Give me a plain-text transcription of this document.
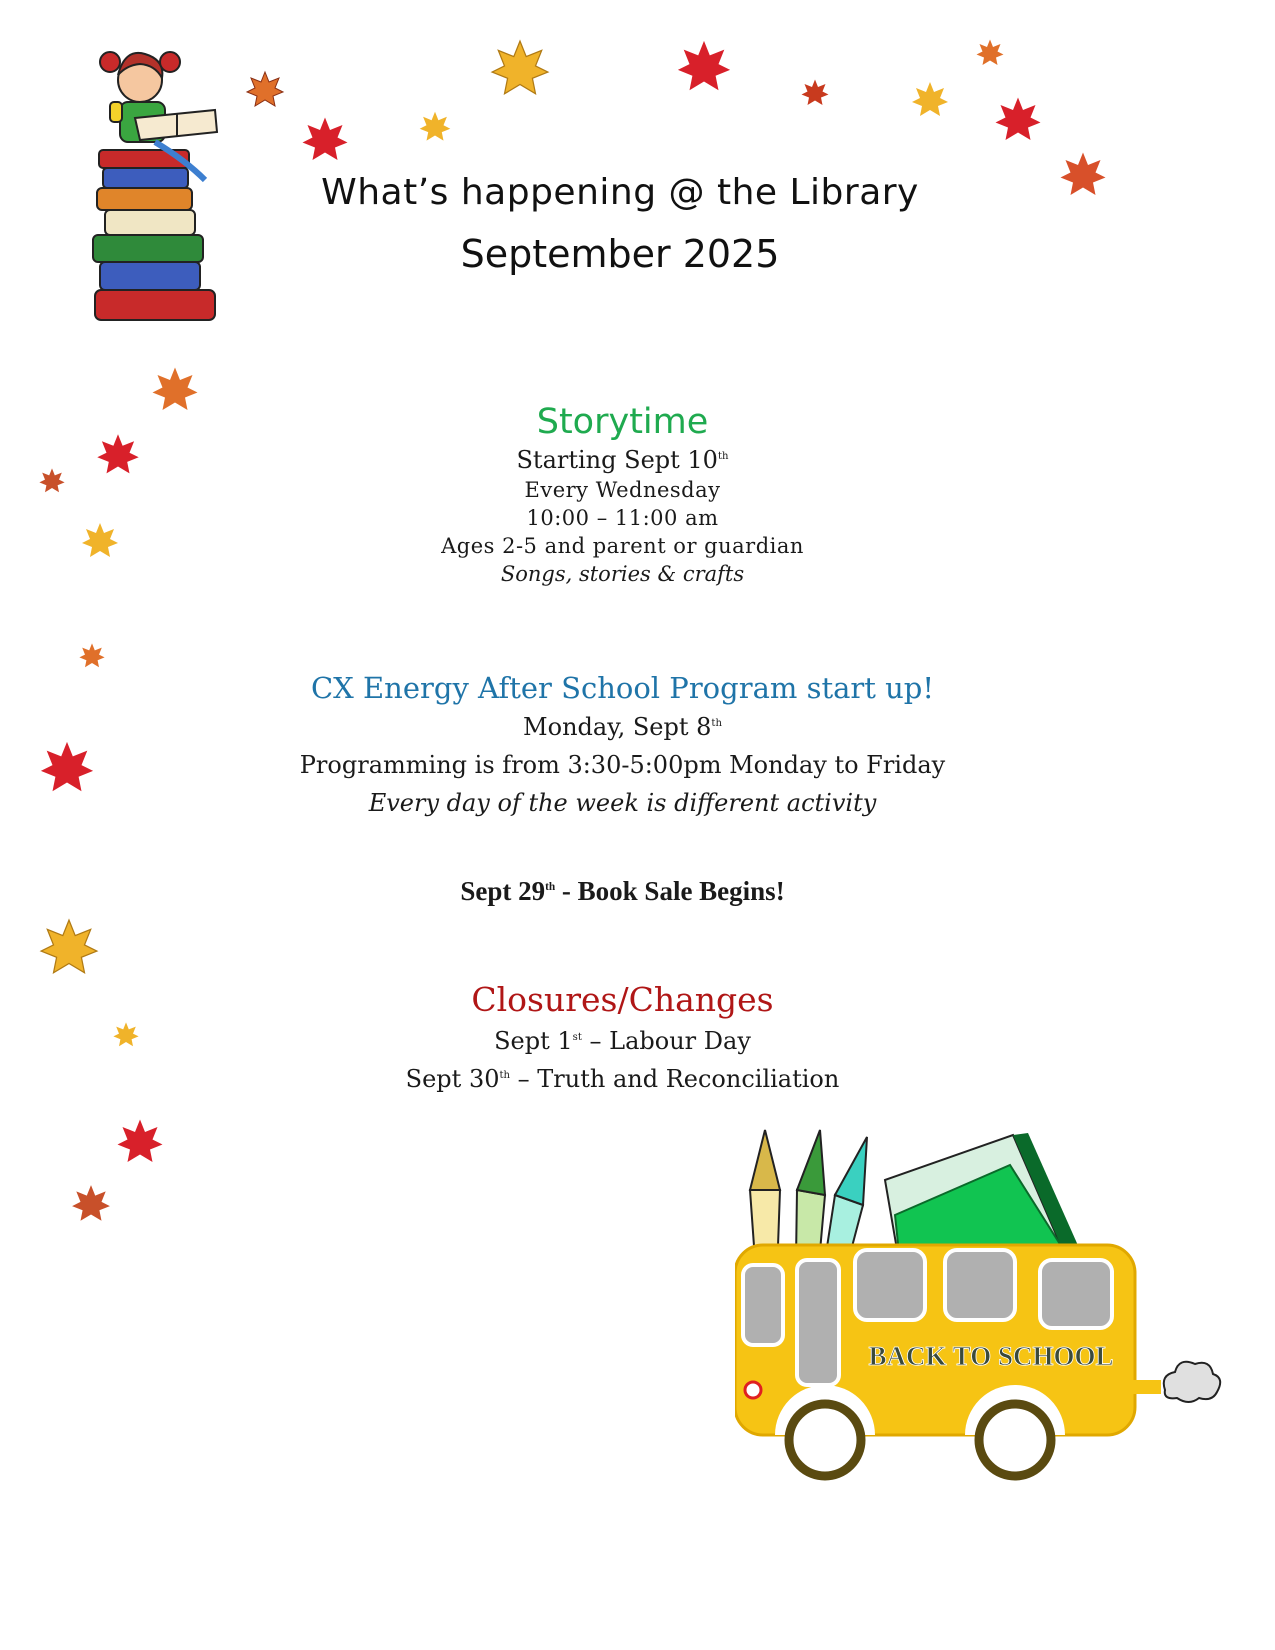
What’s happening @ the Library
September 2025

Storytime

Starting Sept 10th

Every Wednesday

10:00 – 11:00 am

Ages 2-5 and parent or guardian

Songs, stories & crafts

CX Energy After School Program start up!

Monday, Sept 8th

Programming is from 3:30-5:00pm Monday to Friday

Every day of the week is different activity

Sept 29th - Book Sale Begins!

Closures/Changes

Sept 1st – Labour Day

Sept 30th – Truth and Reconciliation

BACK TO SCHOOL
